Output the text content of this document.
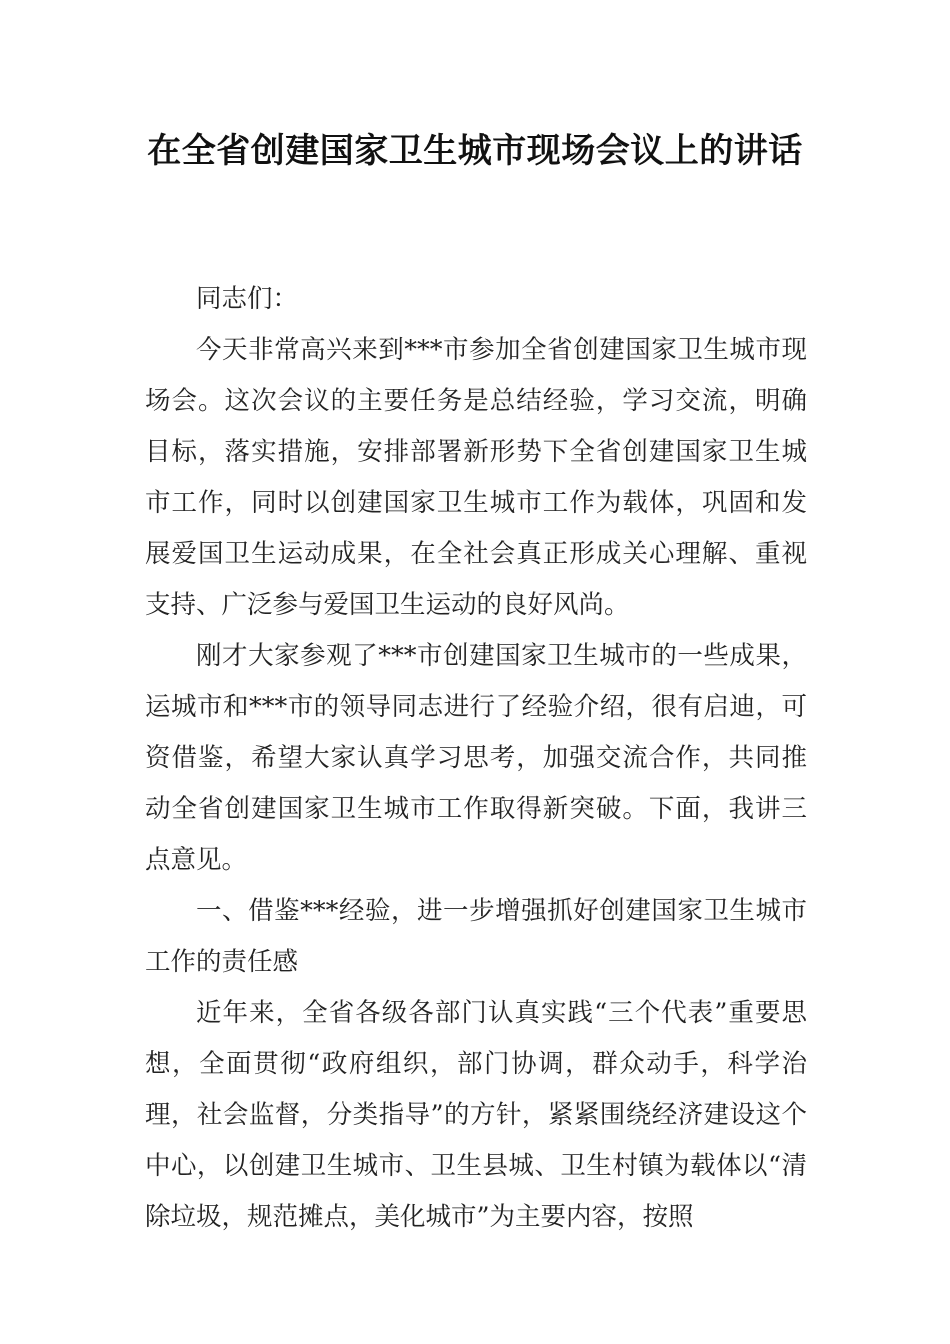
在全省创建国家卫生城市现场会议上的讲话

同志们：

今天非常高兴来到***市参加全省创建国家卫生城市现场会。这次会议的主要任务是总结经验，学习交流，明确目标，落实措施，安排部署新形势下全省创建国家卫生城市工作，同时以创建国家卫生城市工作为载体，巩固和发展爱国卫生运动成果，在全社会真正形成关心理解、重视支持、广泛参与爱国卫生运动的良好风尚。

刚才大家参观了***市创建国家卫生城市的一些成果，运城市和***市的领导同志进行了经验介绍，很有启迪，可资借鉴，希望大家认真学习思考，加强交流合作，共同推动全省创建国家卫生城市工作取得新突破。下面，我讲三点意见。

一、借鉴***经验，进一步增强抓好创建国家卫生城市工作的责任感

近年来，全省各级各部门认真实践“三个代表”重要思想，全面贯彻“政府组织，部门协调，群众动手，科学治理，社会监督，分类指导”的方针，紧紧围绕经济建设这个中心，以创建卫生城市、卫生县城、卫生村镇为载体以“清除垃圾，规范摊点，美化城市”为主要内容，按照
